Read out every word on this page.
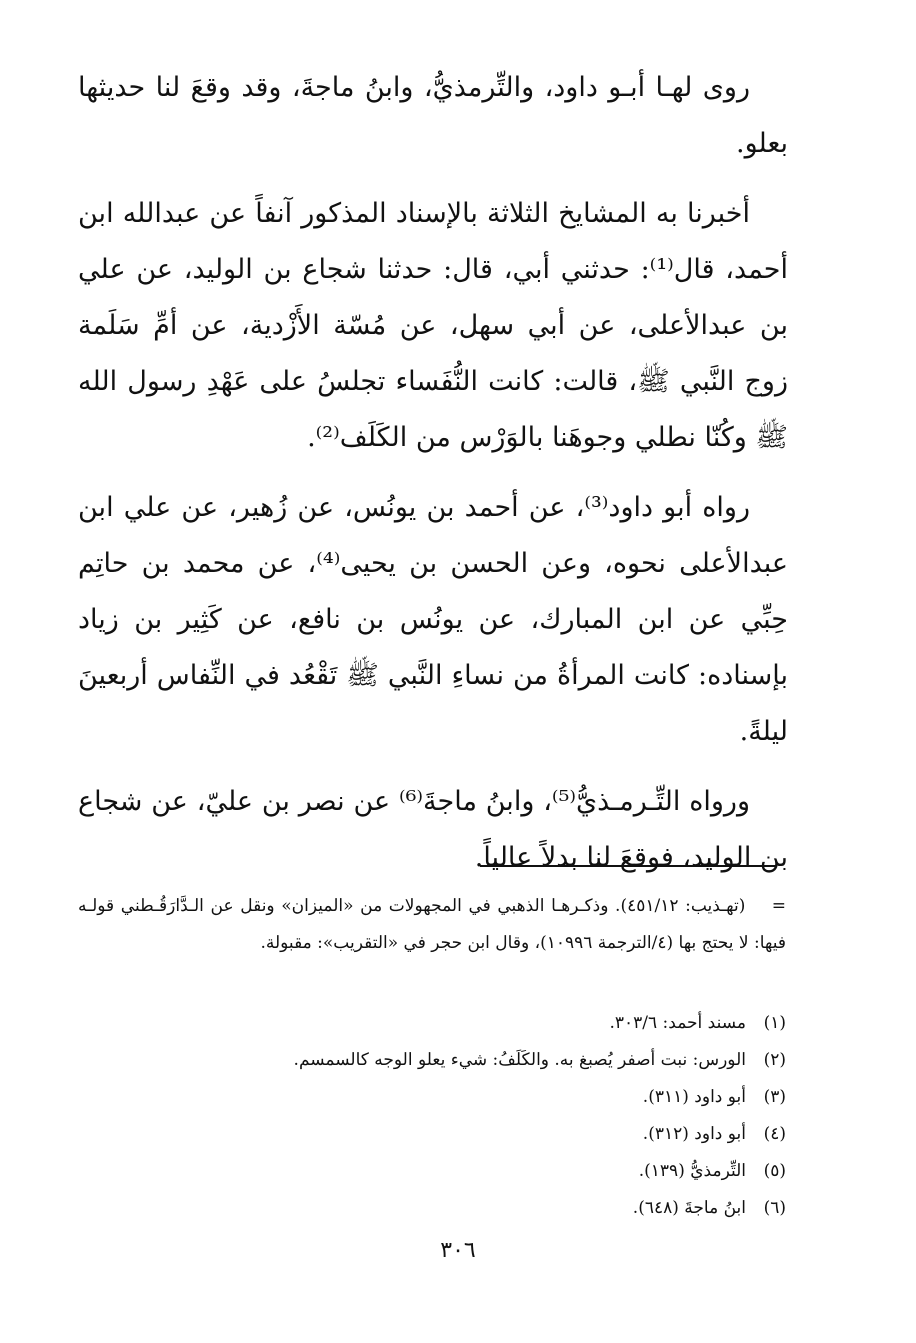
روى لهـا أبـو داود، والتِّرمذيُّ، وابنُ ماجةَ، وقد وقعَ لنا حديثها بعلو.

أخبرنا به المشايخ الثلاثة بالإسناد المذكور آنفاً عن عبدالله ابن أحمد، قال⁽¹⁾: حدثني أبي، قال: حدثنا شجاع بن الوليد، عن علي بن عبدالأعلى، عن أبي سهل، عن مُسّة الأَزْدية، عن أمِّ سَلَمة زوج النَّبي ﷺ، قالت: كانت النُّفَساء تجلسُ على عَهْدِ رسول الله ﷺ وكُنّا نطلي وجوهَنا بالوَرْس من الكَلَف⁽²⁾.

رواه أبو داود⁽³⁾، عن أحمد بن يونُس، عن زُهير، عن علي ابن عبدالأعلى نحوه، وعن الحسن بن يحيى⁽⁴⁾، عن محمد بن حاتِم حِبِّي عن ابن المبارك، عن يونُس بن نافع، عن كَثِير بن زياد بإسناده: كانت المرأةُ من نساءِ النَّبي ﷺ تَقْعُد في النِّفاس أربعينَ ليلةً.

ورواه التِّـرمـذيُّ⁽⁵⁾، وابنُ ماجةَ⁽⁶⁾ عن نصر بن عليّ، عن شجاع بن الوليد، فوقعَ لنا بدلاً عالياً.

= (تهـذيب: ٤٥١/١٢). وذكـرهـا الذهبي في المجهولات من «الميزان» ونقل عن الـدَّارَقُـطني قولـه فيها: لا يحتج بها (٤/الترجمة ١٠٩٩٦)، وقال ابن حجر في «التقريب»: مقبولة.
(١)
مسند أحمد: ٣٠٣/٦.
(٢)
الورس: نبت أصفر يُصبغ به. والكَلَفُ: شيء يعلو الوجه كالسمسم.
(٣)
أبو داود (٣١١).
(٤)
أبو داود (٣١٢).
(٥)
التِّرمذيُّ (١٣٩).
(٦)
ابنُ ماجةَ (٦٤٨).
٣٠٦
